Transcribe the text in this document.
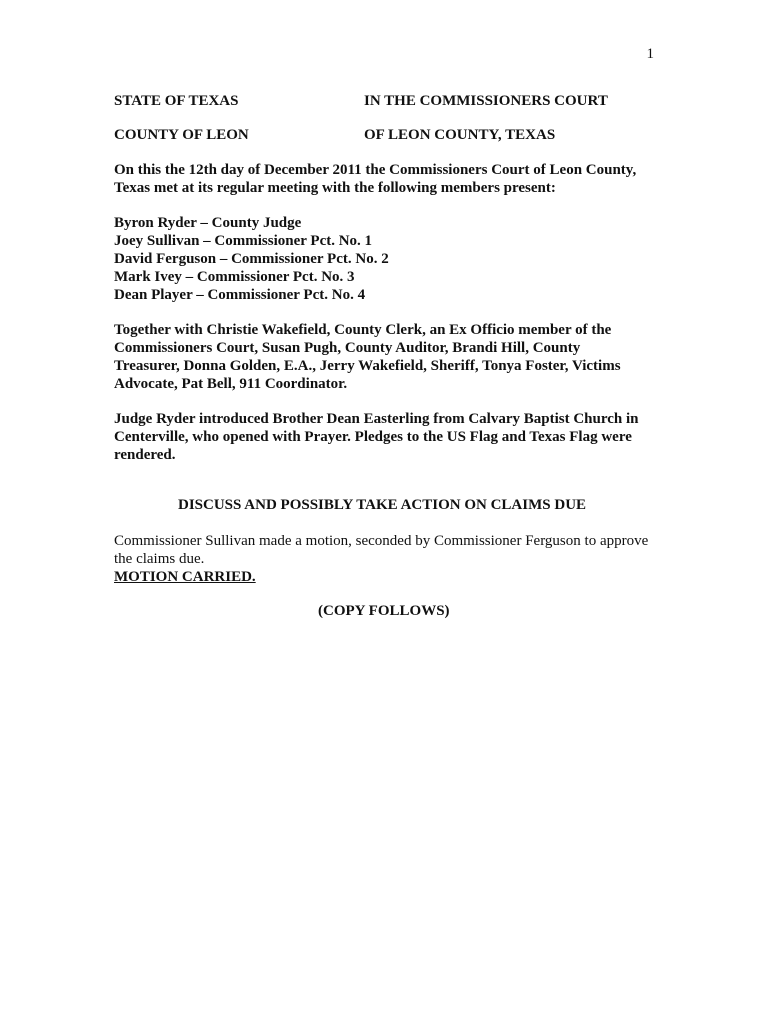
1
STATE OF TEXAS	IN THE COMMISSIONERS COURT
COUNTY OF LEON	OF LEON COUNTY, TEXAS
On this the 12th day of December 2011 the Commissioners Court of Leon County,
Texas met at its regular meeting with the following members present:
Byron Ryder – County Judge
Joey Sullivan – Commissioner Pct. No. 1
David Ferguson – Commissioner Pct. No. 2
Mark Ivey – Commissioner Pct. No. 3
Dean Player – Commissioner Pct. No. 4
Together with Christie Wakefield, County Clerk, an Ex Officio member of the
Commissioners Court, Susan Pugh, County Auditor, Brandi Hill, County
Treasurer, Donna Golden, E.A., Jerry Wakefield, Sheriff, Tonya Foster, Victims
Advocate, Pat Bell, 911 Coordinator.
Judge Ryder introduced Brother Dean Easterling from Calvary Baptist Church in
Centerville, who opened with Prayer. Pledges to the US Flag and Texas Flag were
rendered.
DISCUSS AND POSSIBLY TAKE ACTION ON CLAIMS DUE
Commissioner Sullivan made a motion, seconded by Commissioner Ferguson to approve
the claims due.
MOTION CARRIED.
(COPY FOLLOWS)
